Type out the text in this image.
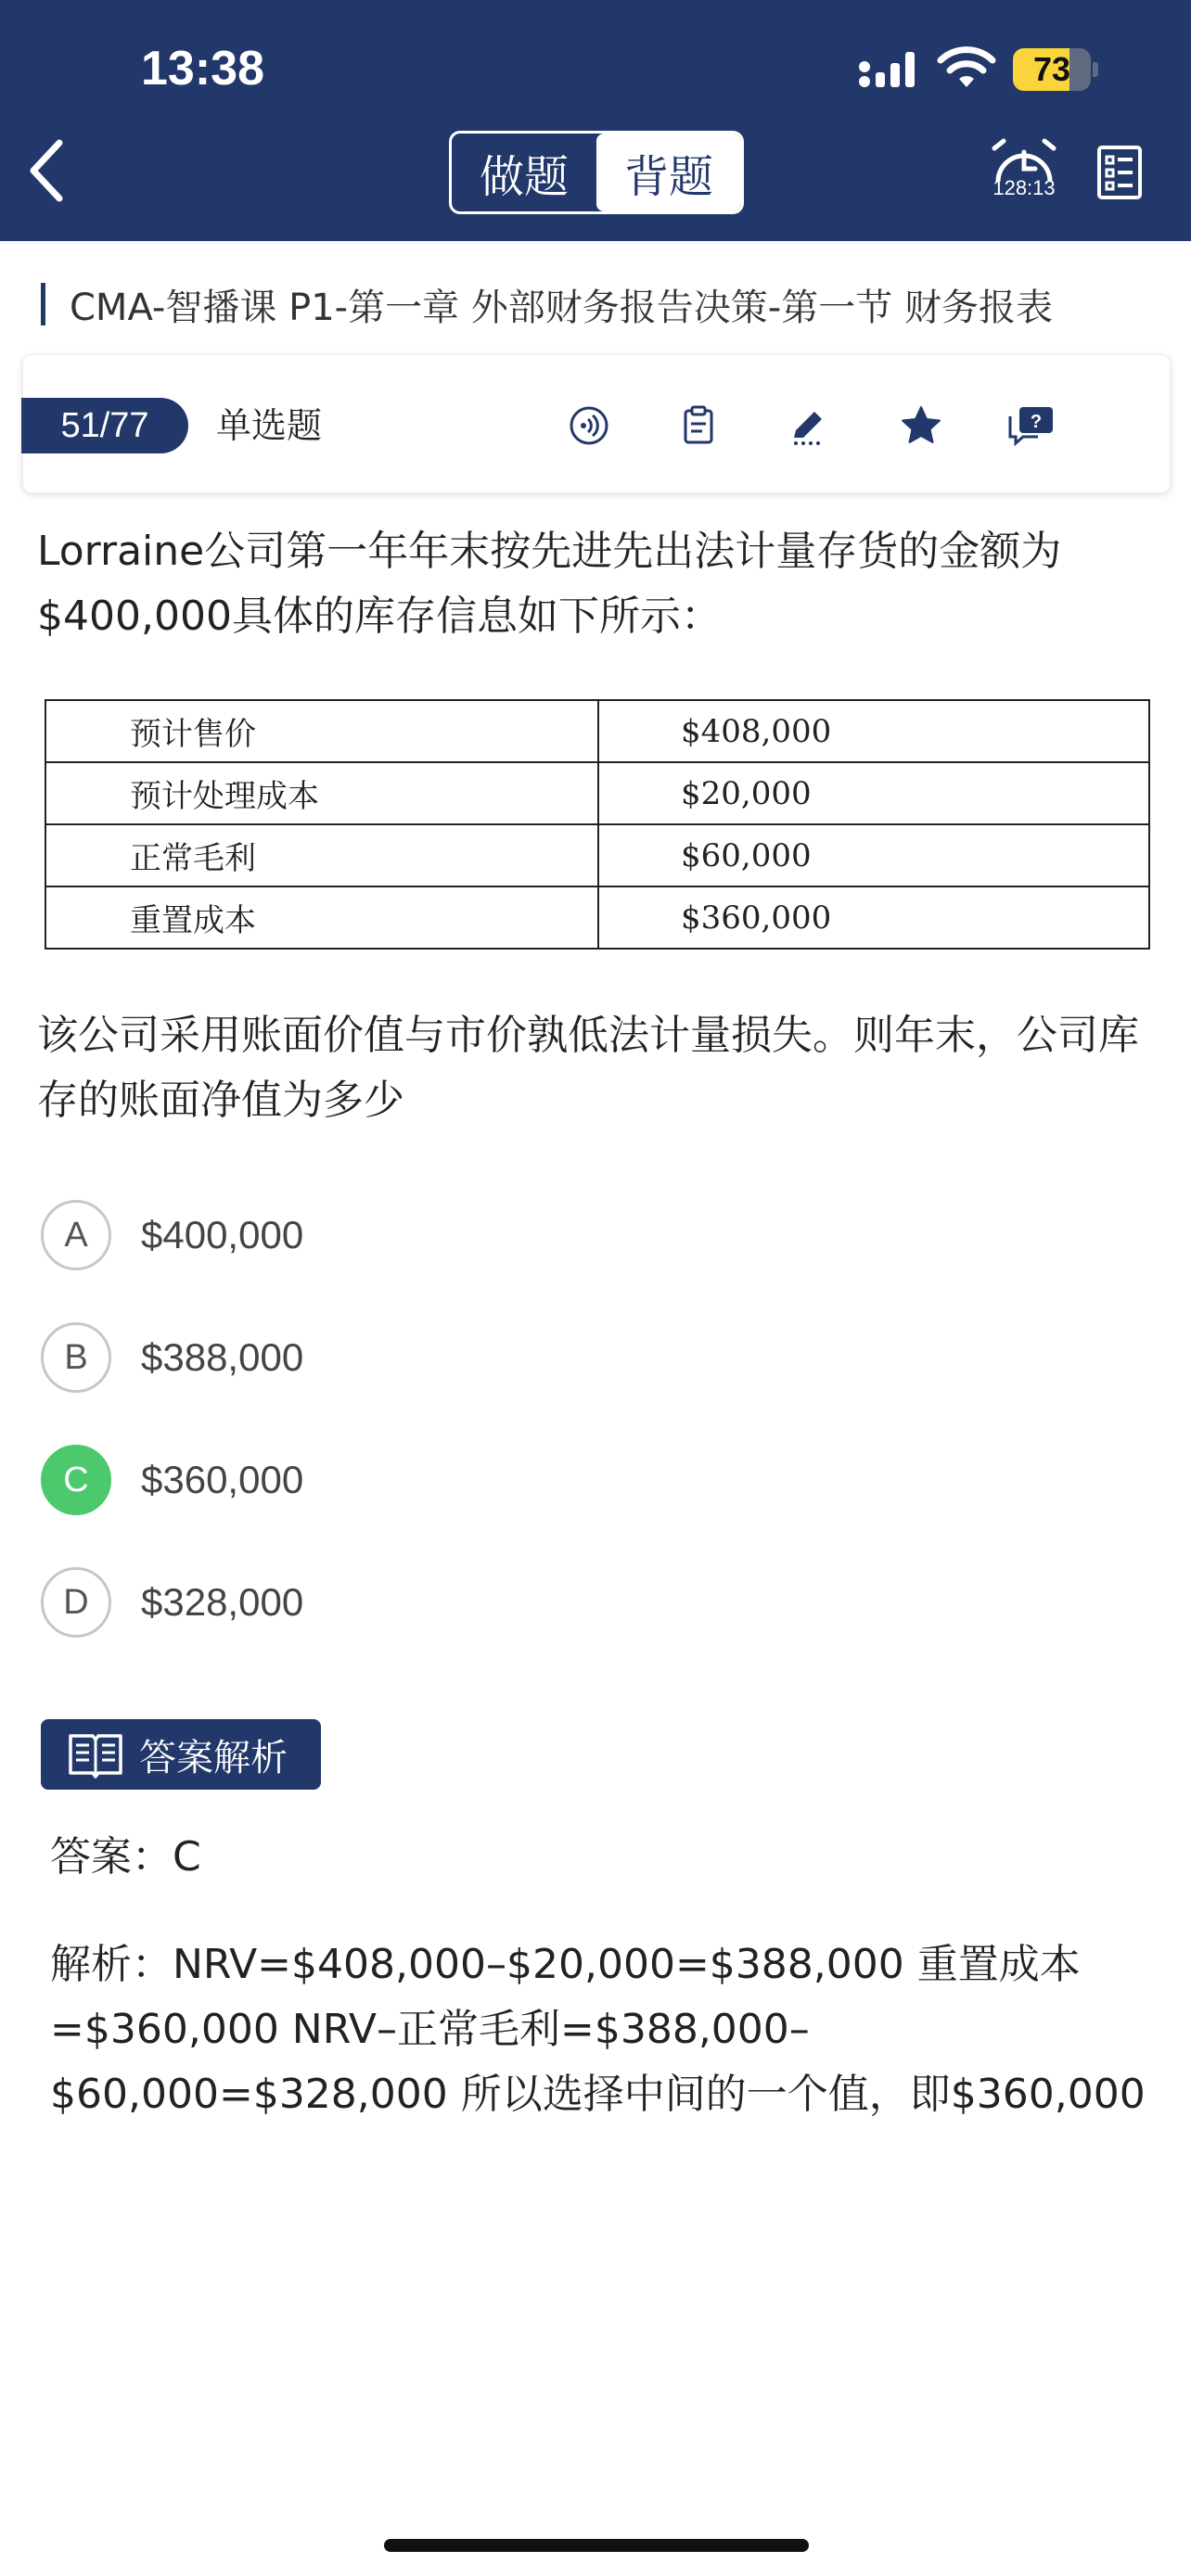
13:38	73
做题	背题	128:13
CMA-智播课 P1-第一章 外部财务报告决策-第一节 财务报表
51/77	单选题	?
Lorraine公司第一年年末按先进先出法计量存货的金额为$400,000具体的库存信息如下所示：
预计售价	$408,000
预计处理成本	$20,000
正常毛利	$60,000
重置成本	$360,000
该公司采用账面价值与市价孰低法计量损失。则年末，公司库存的账面净值为多少
A	$400,000
B	$388,000
C	$360,000
D	$328,000
答案解析
答案：C
解析：NRV=$408,000–$20,000=$388,000 重置成本=$360,000 NRV–正常毛利=$388,000–$60,000=$328,000 所以选择中间的一个值，即$360,000
